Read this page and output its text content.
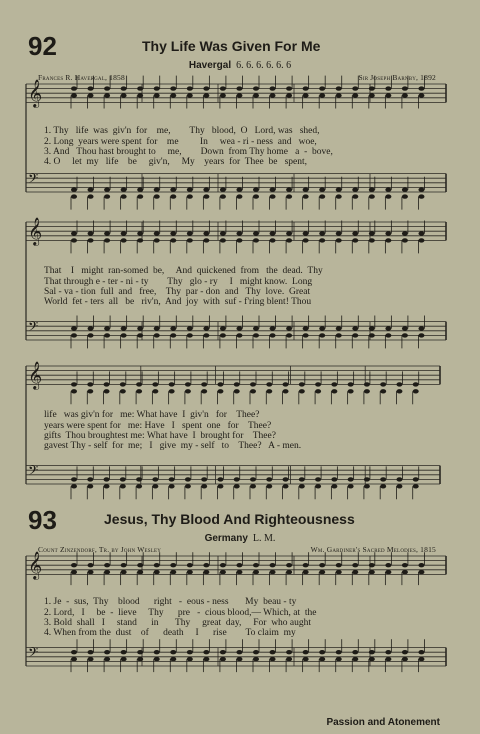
92	Thy Life Was Given For Me
Havergal 6. 6. 6. 6. 6. 6
Frances R. Havergal, 1858	Sir Joseph Barnby, 1892
𝄞
𝄢
1. Thy   life  was  giv'n  for    me,        Thy   blood,  O   Lord, was   shed,
2. Long  years were spent  for    me         In     wea - ri - ness  and   woe,
3. And   Thou hast brought to     me,        Down  from Thy home   a  -  bove,
4. O     let  my   life    be     giv'n,     My    years  for  Thee  be   spent,
𝄞
𝄢
That    I   might  ran-somed  be,     And  quickened  from   the  dead.  Thy
That through e - ter - ni - ty        Thy   glo - ry     I   might know.  Long
Sal - va - tion  full  and   free,    Thy  par - don  and   Thy  love.  Great
World  fet - ters  all   be   riv'n,  And  joy  with  suf - f'ring blent! Thou
𝄞
𝄢
life   was giv'n for   me: What have  I  giv'n   for    Thee?
years were spent for   me: Have   I   spent  one   for    Thee?
gifts  Thou broughtest me: What have  I  brought for    Thee?
gavest Thy - self  for  me;   I   give  my - self   to    Thee?   A - men.
93	Jesus, Thy Blood And Righteousness
Germany L. M.
Count Zinzendorf, Tr. by John Wesley	Wm. Gardiner's Sacred Melodies, 1815
𝄞
𝄢
1. Je  -  sus,  Thy    blood      right   -  eous - ness       My  beau - ty
2. Lord,   I     be  -  lieve     Thy      pre   -  cious blood,— Which, at  the
3. Bold  shall   I     stand      in       Thy     great  day,     For  who aught
4. When from the  dust    of      death     I      rise        To claim  my
Passion and Atonement
